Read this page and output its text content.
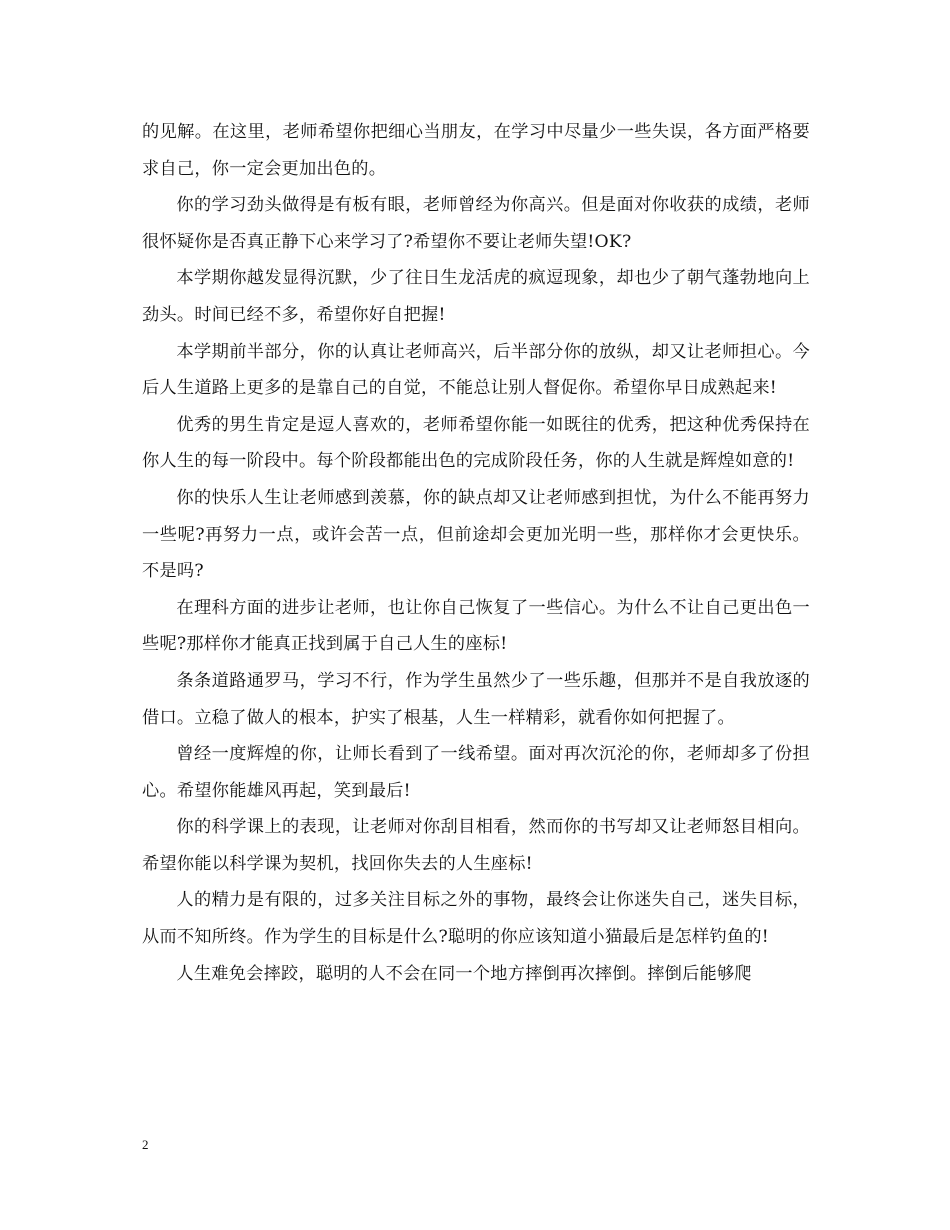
的见解。在这里，老师希望你把细心当朋友，在学习中尽量少一些失误，各方面严格要求自己，你一定会更加出色的。

你的学习劲头做得是有板有眼，老师曾经为你高兴。但是面对你收获的成绩，老师很怀疑你是否真正静下心来学习了?希望你不要让老师失望!OK?

本学期你越发显得沉默，少了往日生龙活虎的疯逗现象，却也少了朝气蓬勃地向上劲头。时间已经不多，希望你好自把握!

本学期前半部分，你的认真让老师高兴，后半部分你的放纵，却又让老师担心。今后人生道路上更多的是靠自己的自觉，不能总让别人督促你。希望你早日成熟起来!

优秀的男生肯定是逗人喜欢的，老师希望你能一如既往的优秀，把这种优秀保持在你人生的每一阶段中。每个阶段都能出色的完成阶段任务，你的人生就是辉煌如意的!

你的快乐人生让老师感到羡慕，你的缺点却又让老师感到担忧，为什么不能再努力一些呢?再努力一点，或许会苦一点，但前途却会更加光明一些，那样你才会更快乐。不是吗?

在理科方面的进步让老师，也让你自己恢复了一些信心。为什么不让自己更出色一些呢?那样你才能真正找到属于自己人生的座标!

条条道路通罗马，学习不行，作为学生虽然少了一些乐趣，但那并不是自我放逐的借口。立稳了做人的根本，护实了根基，人生一样精彩，就看你如何把握了。

曾经一度辉煌的你，让师长看到了一线希望。面对再次沉沦的你，老师却多了份担心。希望你能雄风再起，笑到最后!

你的科学课上的表现，让老师对你刮目相看，然而你的书写却又让老师怒目相向。希望你能以科学课为契机，找回你失去的人生座标!

人的精力是有限的，过多关注目标之外的事物，最终会让你迷失自己，迷失目标，从而不知所终。作为学生的目标是什么?聪明的你应该知道小猫最后是怎样钓鱼的!

人生难免会摔跤，聪明的人不会在同一个地方摔倒再次摔倒。摔倒后能够爬

2
